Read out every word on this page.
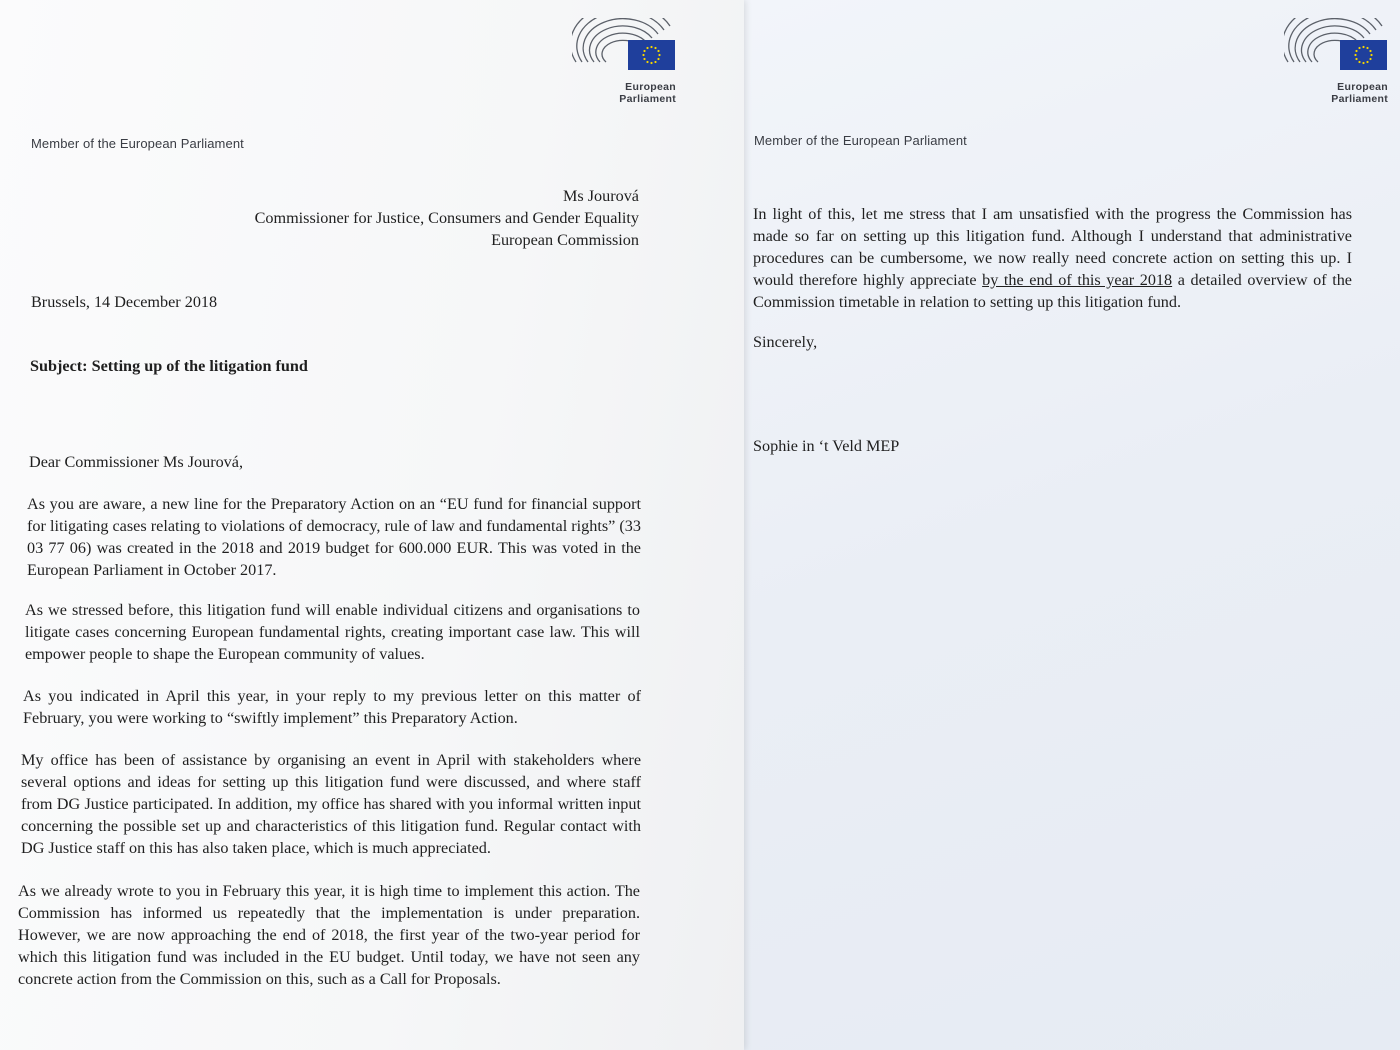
European Parliament
Member of the European Parliament
Ms Jourová
Commissioner for Justice, Consumers and Gender Equality
European Commission
Brussels, 14 December 2018
Subject: Setting up of the litigation fund
Dear Commissioner Ms Jourová,

As you are aware, a new line for the Preparatory Action on an “EU fund for financial support for litigating cases relating to violations of democracy, rule of law and fundamental rights” (33 03 77 06) was created in the 2018 and 2019 budget for 600.000 EUR. This was voted in the European Parliament in October 2017.

As we stressed before, this litigation fund will enable individual citizens and organisations to litigate cases concerning European fundamental rights, creating important case law. This will empower people to shape the European community of values.

As you indicated in April this year, in your reply to my previous letter on this matter of February, you were working to “swiftly implement” this Preparatory Action.

My office has been of assistance by organising an event in April with stakeholders where several options and ideas for setting up this litigation fund were discussed, and where staff from DG Justice participated. In addition, my office has shared with you informal written input concerning the possible set up and characteristics of this litigation fund. Regular contact with DG Justice staff on this has also taken place, which is much appreciated.

As we already wrote to you in February this year, it is high time to implement this action. The Commission has informed us repeatedly that the implementation is under preparation. However, we are now approaching the end of 2018, the first year of the two-year period for which this litigation fund was included in the EU budget. Until today, we have not seen any concrete action from the Commission on this, such as a Call for Proposals.

European Parliament
Member of the European Parliament

In light of this, let me stress that I am unsatisfied with the progress the Commission has made so far on setting up this litigation fund. Although I understand that administrative procedures can be cumbersome, we now really need concrete action on setting this up. I would therefore highly appreciate by the end of this year 2018 a detailed overview of the Commission timetable in relation to setting up this litigation fund.

Sincerely,
Sophie in ‘t Veld MEP
